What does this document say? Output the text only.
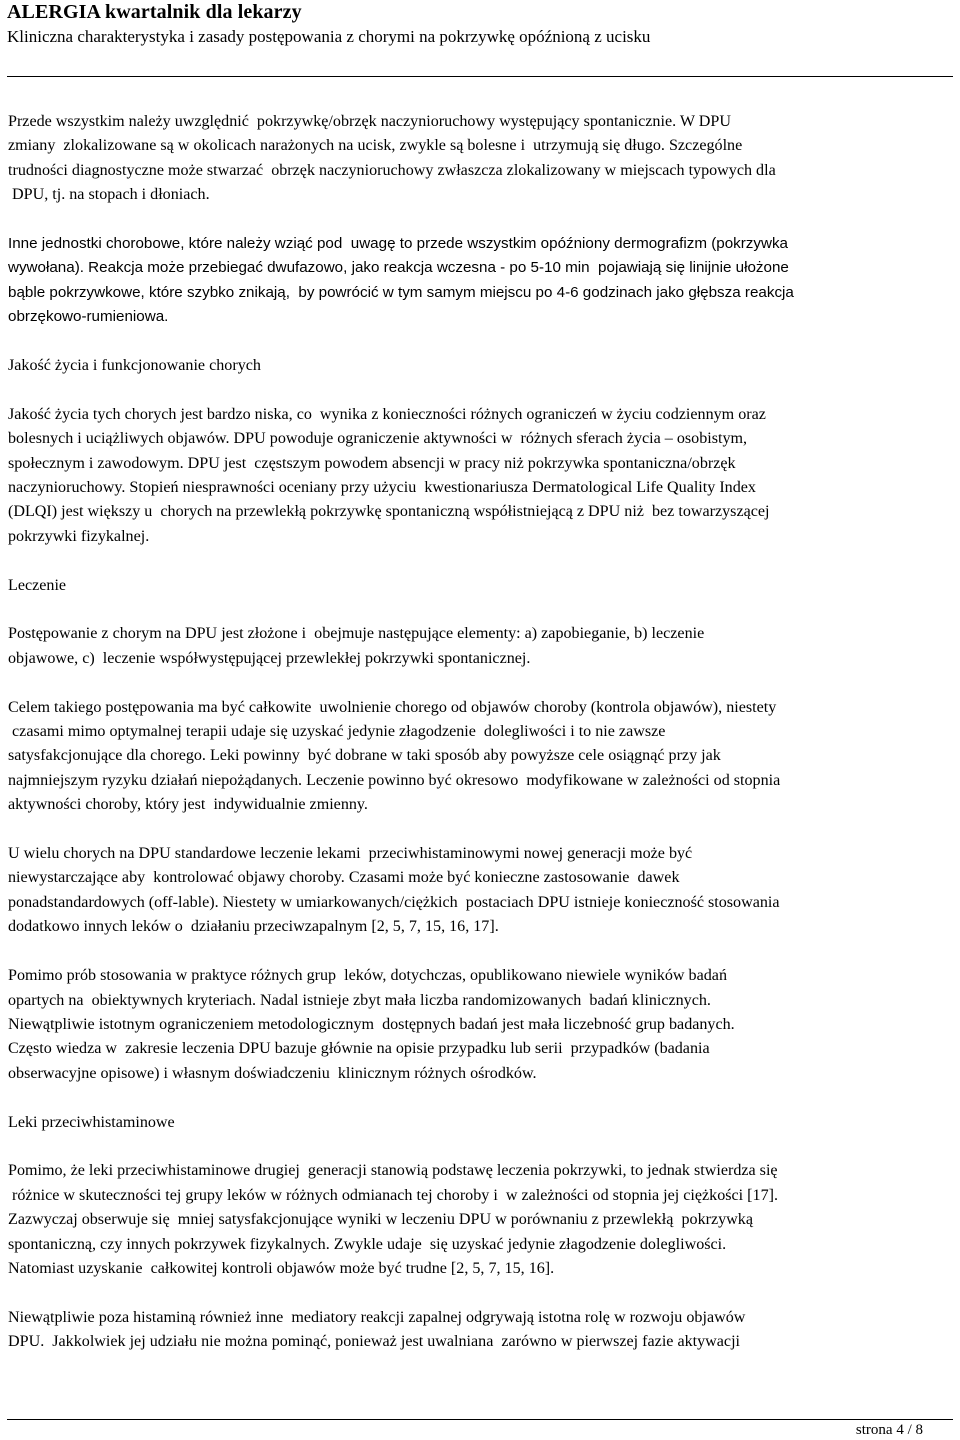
ALERGIA kwartalnik dla lekarzy
Kliniczna charakterystyka i zasady postępowania z chorymi na pokrzywkę opóźnioną z ucisku

Przede wszystkim należy uwzględnić  pokrzywkę/obrzęk naczynioruchowy występujący spontanicznie. W DPU
zmiany  zlokalizowane są w okolicach narażonych na ucisk, zwykle są bolesne i  utrzymują się długo. Szczególne
trudności diagnostyczne może stwarzać  obrzęk naczynioruchowy zwłaszcza zlokalizowany w miejscach typowych dla
DPU, tj. na stopach i dłoniach.

Inne jednostki chorobowe, które należy wziąć pod  uwagę to przede wszystkim opóźniony dermografizm (pokrzywka
wywołana). Reakcja może przebiegać dwufazowo, jako reakcja wczesna - po 5-10 min  pojawiają się linijnie ułożone
bąble pokrzywkowe, które szybko znikają,  by powrócić w tym samym miejscu po 4-6 godzinach jako głębsza reakcja
obrzękowo-rumieniowa.

Jakość życia i funkcjonowanie chorych

Jakość życia tych chorych jest bardzo niska, co  wynika z konieczności różnych ograniczeń w życiu codziennym oraz
bolesnych i uciążliwych objawów. DPU powoduje ograniczenie aktywności w  różnych sferach życia – osobistym,
społecznym i zawodowym. DPU jest  częstszym powodem absencji w pracy niż pokrzywka spontaniczna/obrzęk
naczynioruchowy. Stopień niesprawności oceniany przy użyciu  kwestionariusza Dermatological Life Quality Index
(DLQI) jest większy u  chorych na przewlekłą pokrzywkę spontaniczną współistniejącą z DPU niż  bez towarzyszącej
pokrzywki fizykalnej.

Leczenie

Postępowanie z chorym na DPU jest złożone i  obejmuje następujące elementy: a) zapobieganie, b) leczenie
objawowe, c)  leczenie współwystępującej przewlekłej pokrzywki spontanicznej.

Celem takiego postępowania ma być całkowite  uwolnienie chorego od objawów choroby (kontrola objawów), niestety
czasami mimo optymalnej terapii udaje się uzyskać jedynie złagodzenie  dolegliwości i to nie zawsze
satysfakcjonujące dla chorego. Leki powinny  być dobrane w taki sposób aby powyższe cele osiągnąć przy jak
najmniejszym ryzyku działań niepożądanych. Leczenie powinno być okresowo  modyfikowane w zależności od stopnia
aktywności choroby, który jest  indywidualnie zmienny.

U wielu chorych na DPU standardowe leczenie lekami  przeciwhistaminowymi nowej generacji może być
niewystarczające aby  kontrolować objawy choroby. Czasami może być konieczne zastosowanie  dawek
ponadstandardowych (off-lable). Niestety w umiarkowanych/ciężkich  postaciach DPU istnieje konieczność stosowania
dodatkowo innych leków o  działaniu przeciwzapalnym [2, 5, 7, 15, 16, 17].

Pomimo prób stosowania w praktyce różnych grup  leków, dotychczas, opublikowano niewiele wyników badań
opartych na  obiektywnych kryteriach. Nadal istnieje zbyt mała liczba randomizowanych  badań klinicznych.
Niewątpliwie istotnym ograniczeniem metodologicznym  dostępnych badań jest mała liczebność grup badanych.
Często wiedza w  zakresie leczenia DPU bazuje głównie na opisie przypadku lub serii  przypadków (badania
obserwacyjne opisowe) i własnym doświadczeniu  klinicznym różnych ośrodków.

Leki przeciwhistaminowe

Pomimo, że leki przeciwhistaminowe drugiej  generacji stanowią podstawę leczenia pokrzywki, to jednak stwierdza się
różnice w skuteczności tej grupy leków w różnych odmianach tej choroby i  w zależności od stopnia jej ciężkości [17].
Zazwyczaj obserwuje się  mniej satysfakcjonujące wyniki w leczeniu DPU w porównaniu z przewlekłą  pokrzywką
spontaniczną, czy innych pokrzywek fizykalnych. Zwykle udaje  się uzyskać jedynie złagodzenie dolegliwości.
Natomiast uzyskanie  całkowitej kontroli objawów może być trudne [2, 5, 7, 15, 16].

Niewątpliwie poza histaminą również inne  mediatory reakcji zapalnej odgrywają istotna rolę w rozwoju objawów
DPU.  Jakkolwiek jej udziału nie można pominąć, ponieważ jest uwalniana  zarówno w pierwszej fazie aktywacji

strona 4 / 8
